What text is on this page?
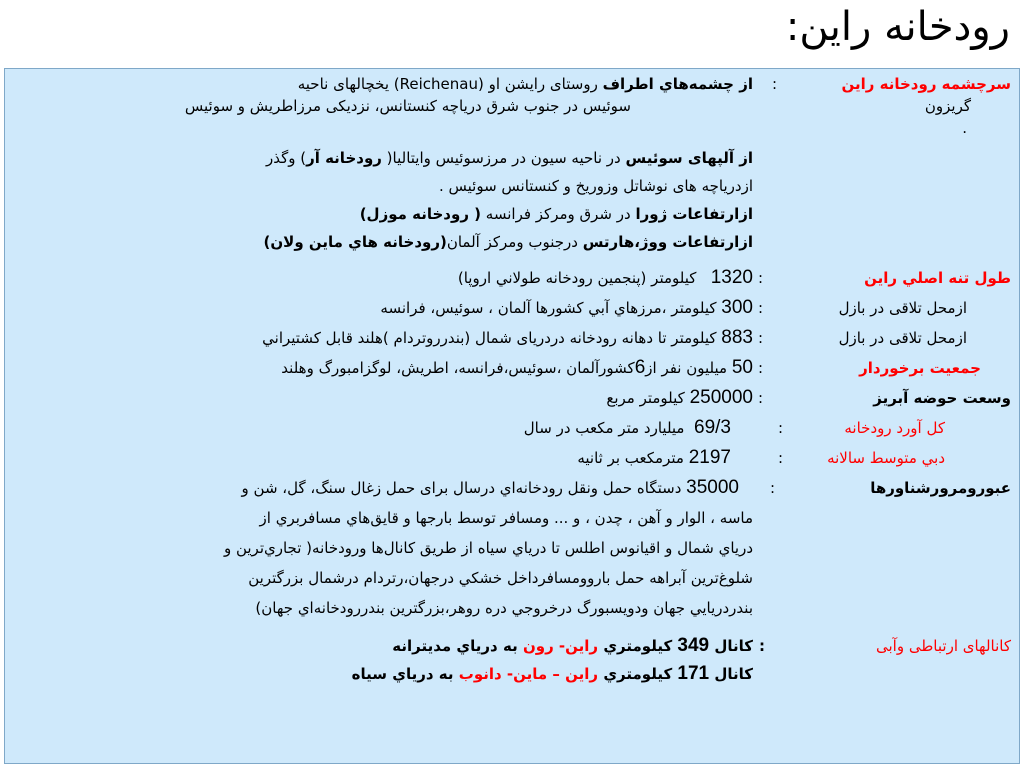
رودخانه راين:
سرچشمه رودخانه راين
:
از چشمه‌هاي اطراف روستای رایشن او (Reichenau) یخچالهای ناحیه
گريزون
سوئیس در جنوب شرق دریاچه کنستانس، نزدیکی مرزاطریش و سوئیس
.
از آلپهای سوئیس در ناحیه سیون در مرزسوئیس وایتالیا( رودخانه آر) وگذر
ازدریاچه های نوشاتل وزوریخ و کنستانس سوئیس .
ازارتفاعات ژورا در شرق ومرکز فرانسه ( رودخانه موزل)
ازارتفاعات ووژ،هارتس درجنوب ومرکز آلمان(رودخانه هاي ماين ولان)
طول تنه اصلي راين
:
1320   كيلومتر (پنجمين رودخانه طولاني اروپا)
ازمحل تلاقی در بازل
:
300 كيلومتر ،مرزهاي آبي كشورها آلمان ، سوئیس، فرانسه
ازمحل تلاقی در بازل
:
883 كيلومتر تا دهانه رودخانه دردریای شمال (بندرروتردام )هلند قابل كشتيراني
جمعيت برخوردار
:
50 ميليون نفر از6كشورآلمان ،سوئيس،فرانسه، اطريش، لوگزامبورگ وهلند
وسعت حوضه آبريز
:
250000 كيلومتر مربع
كل آورد رودخانه
:
69/3  ميليارد متر مكعب در سال
دبي متوسط سالانه
:
2197 مترمكعب بر ثانيه
عبورومرورشناورها
:
35000 دستگاه حمل ونقل رودخانه‌اي درسال برای حمل زغال سنگ، گل، شن و
ماسه ، الوار و آهن ، چدن ، و ... ومسافر توسط بارجها و قايق‌هاي مسافربري از
درياي شمال و اقيانوس اطلس تا درياي سياه از طريق كانال‌ها ورودخانه( تجاري‌ترين و
شلوغ‌ترين آبراهه حمل باروومسافرداخل خشكي درجهان،رتردام درشمال بزرگترين
بندردريايي جهان ودويسبورگ درخروجي دره روهر،بزرگترين بندررودخانه‌اي جهان)
كانالهای ارتباطی وآبی
:
كانال 349 كيلومتري راين- رون به درياي مديترانه
كانال 171 كيلومتري راين – ماين- دانوب به درياي سياه
